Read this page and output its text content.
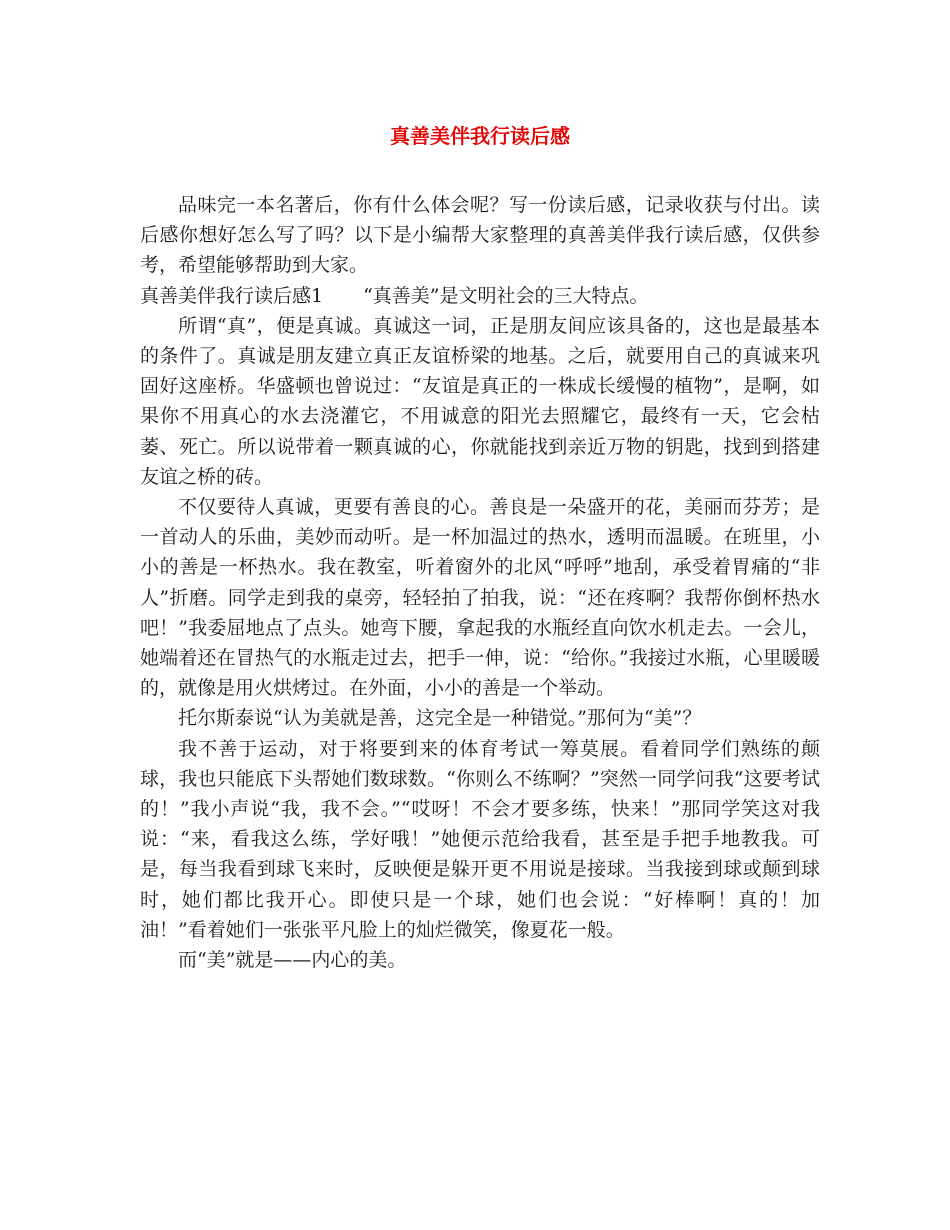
真善美伴我行读后感

品味完一本名著后，你有什么体会呢？写一份读后感，记录收获与付出。读后感你想好怎么写了吗？以下是小编帮大家整理的真善美伴我行读后感，仅供参考，希望能够帮助到大家。

真善美伴我行读后感1 “真善美”是文明社会的三大特点。

所谓“真”，便是真诚。真诚这一词，正是朋友间应该具备的，这也是最基本的条件了。真诚是朋友建立真正友谊桥梁的地基。之后，就要用自己的真诚来巩固好这座桥。华盛顿也曾说过：“友谊是真正的一株成长缓慢的植物”，是啊，如果你不用真心的水去浇灌它，不用诚意的阳光去照耀它，最终有一天，它会枯萎、死亡。所以说带着一颗真诚的心，你就能找到亲近万物的钥匙，找到到搭建友谊之桥的砖。

不仅要待人真诚，更要有善良的心。善良是一朵盛开的花，美丽而芬芳；是一首动人的乐曲，美妙而动听。是一杯加温过的热水，透明而温暖。在班里，小小的善是一杯热水。我在教室，听着窗外的北风“呼呼”地刮，承受着胃痛的“非人”折磨。同学走到我的桌旁，轻轻拍了拍我，说：“还在疼啊？我帮你倒杯热水吧！”我委屈地点了点头。她弯下腰，拿起我的水瓶经直向饮水机走去。一会儿，她端着还在冒热气的水瓶走过去，把手一伸，说：“给你。”我接过水瓶，心里暖暖的，就像是用火烘烤过。在外面，小小的善是一个举动。

托尔斯泰说“认为美就是善，这完全是一种错觉。”那何为“美”？

我不善于运动，对于将要到来的体育考试一筹莫展。看着同学们熟练的颠球，我也只能底下头帮她们数球数。“你则么不练啊？”突然一同学问我“这要考试的！”我小声说“我，我不会。”“哎呀！不会才要多练，快来！”那同学笑这对我说：“来，看我这么练，学好哦！”她便示范给我看，甚至是手把手地教我。可是，每当我看到球飞来时，反映便是躲开更不用说是接球。当我接到球或颠到球时，她们都比我开心。即使只是一个球，她们也会说：“好棒啊！真的！加油！”看着她们一张张平凡脸上的灿烂微笑，像夏花一般。

而“美”就是——内心的美。
